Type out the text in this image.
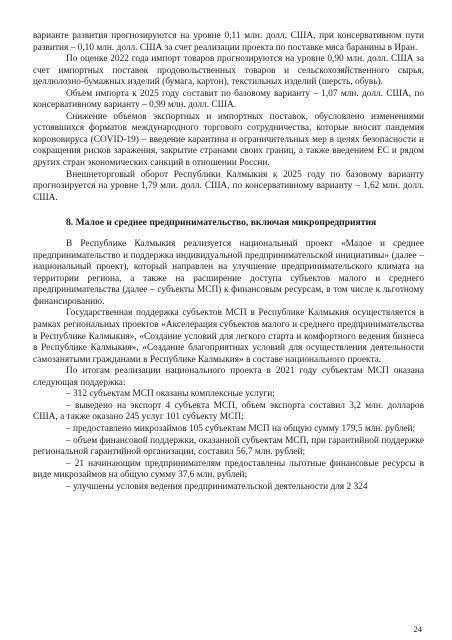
варианте развития прогнозируются на уровне 0,11 млн. долл. США, при консервативном пути развития – 0,10 млн. долл. США за счет реализации проекта по поставке мяса баранины в Иран.

По оценке 2022 года импорт товаров прогнозируются на уровне 0,90 млн. долл. США за счет импортных поставок продовольственных товаров и сельскохозяйственного сырья, целлюлозно-бумажных изделий (бумага, картон), текстильных изделий (шерсть, обувь).

Объем импорта к 2025 году составит по базовому варианту – 1,07 млн. долл. США, по консервативному варианту – 0,99 млн. долл. США.

Снижение объемов экспортных и импортных поставок, обусловлено изменениями устоявшихся форматов международного торгового сотрудничества, которые вносит пандемия короновируса (COVID-19) – введение карантина и ограничительных мер в целях безопасности и сокращения рисков заражения, закрытие странами своих границ, а также введением ЕС и рядом других стран экономических санкций в отношении России.

Внешнеторговый оборот Республики Калмыкия к 2025 году по базовому варианту прогнозируется на уровне 1,79 млн. долл. США, по консервативному варианту – 1,62 млн. долл. США.

8. Малое и среднее предпринимательство, включая микропредприятия

В Республике Калмыкия реализуется национальный проект «Малое и среднее предпринимательство и поддержка индивидуальной предпринимательской инициативы» (далее – национальный проект), который направлен на улучшение предпринимательского климата на территории региона, а также на расширение доступа субъектов малого и среднего предпринимательства (далее – субъекты МСП) к финансовым ресурсам, в том числе к льготному финансированию.

Государственная поддержка субъектов МСП в Республике Калмыкия осуществляется в рамках региональных проектов «Акселерация субъектов малого и среднего предпринимательства в Республике Калмыкия», «Создание условий для легкого старта и комфортного ведения бизнеса в Республике Калмыкия», «Создание благоприятных условий для осуществления деятельности самозанятыми гражданами в Республике Калмыкия» в составе национального проекта.

По итогам реализации национального проекта в 2021 году субъектам МСП оказана следующая поддержка:

– 312 субъектам МСП оказаны комплексные услуги;

– выведено на экспорт 4 субъекта МСП, объем экспорта составил 3,2 млн. долларов США, а также оказано 245 услуг 101 субъекту МСП;

– предоставлено микрозаймов 105 субъектам МСП на общую сумму 179,5 млн. рублей;

– объем финансовой поддержки, оказанной субъектам МСП, при гарантийной поддержке региональной гарантийной организации, составил 56,7 млн. рублей;

– 21 начинающим предпринимателям предоставлены льготные финансовые ресурсы в виде микрозаймов на общую сумму 37,6 млн. рублей;

– улучшены условия ведения предпринимательской деятельности для 2 324

24
